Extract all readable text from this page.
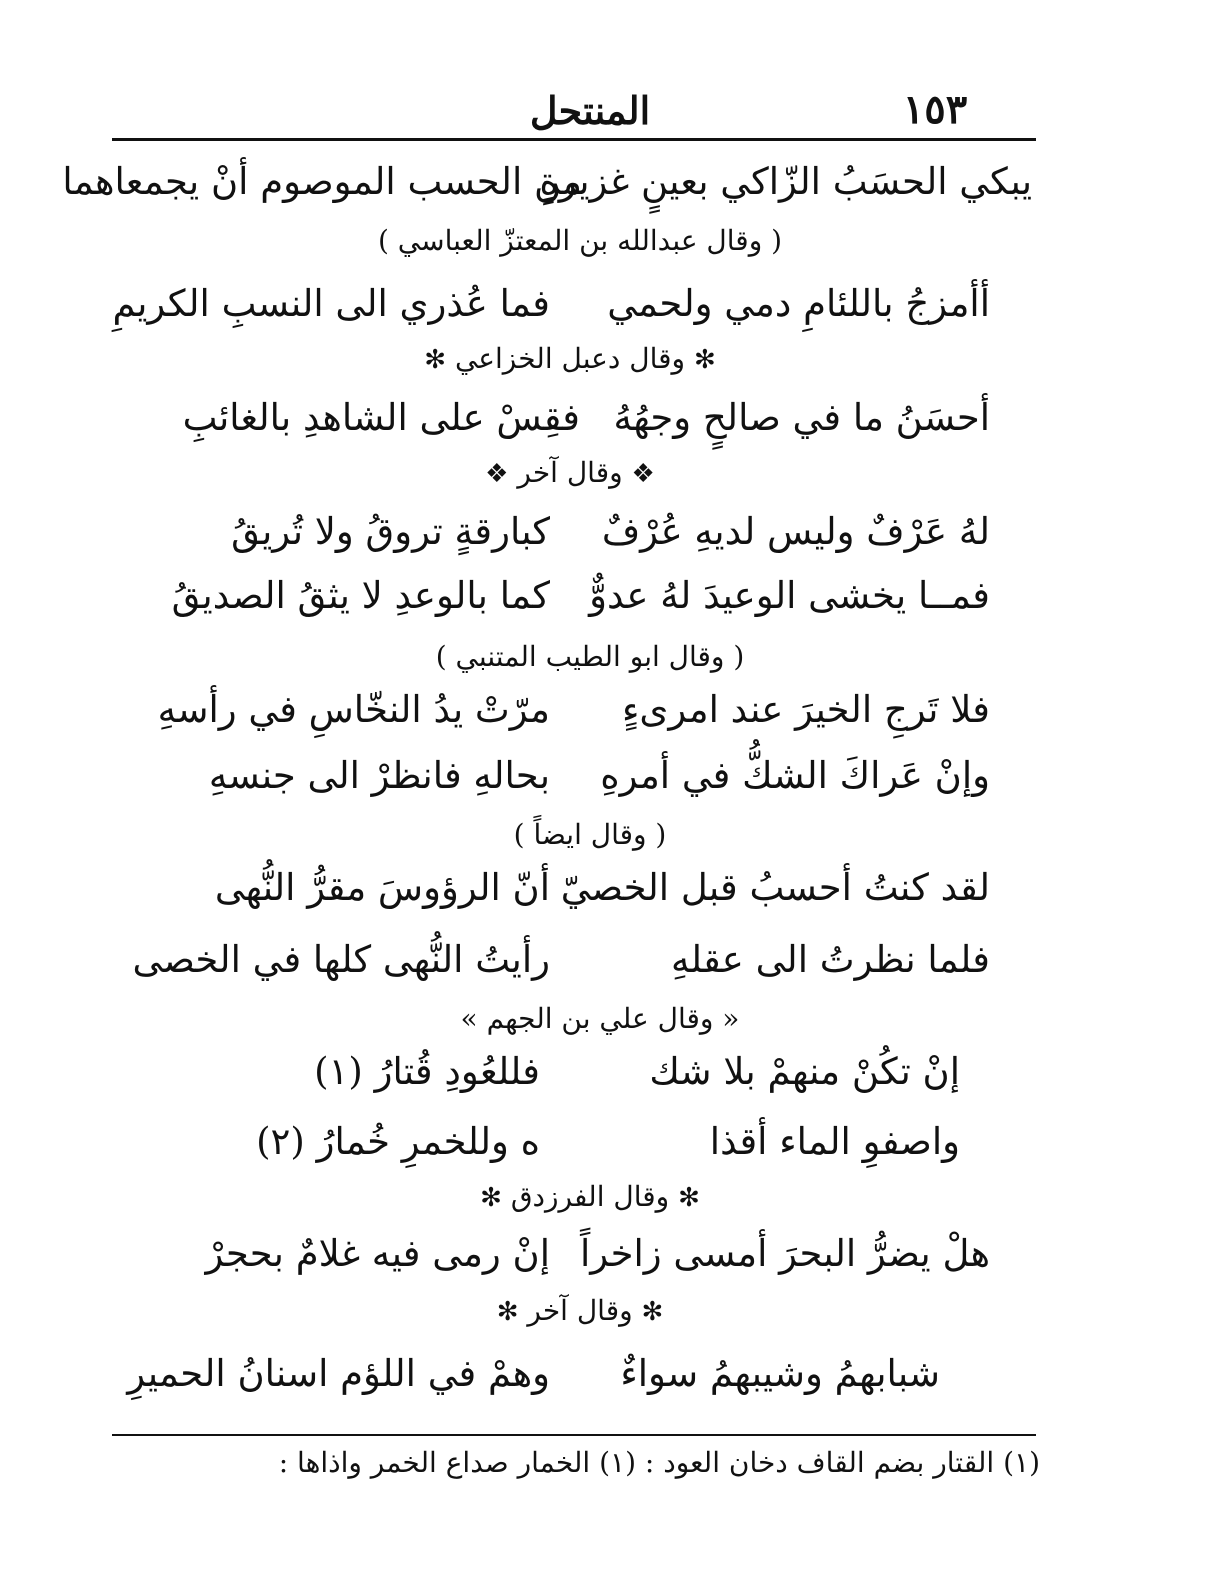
١٥٣
المنتحل
يبكي الحسَبُ الزّاكي بعينٍ غزيرةٍ
من الحسب الموصوم أنْ يجمعاهما
( وقال عبدالله بن المعتزّ العباسي )
أأمزجُ باللئامِ دمي ولحمي
فما عُذري الى النسبِ الكريمِ
✻ وقال دعبل الخزاعي ✻
أحسَنُ ما في صالحٍ وجهُهُ
فقِسْ على الشاهدِ بالغائبِ
❖ وقال آخر ❖
لهُ عَرْفٌ وليس لديهِ عُرْفٌ
كبارقةٍ تروقُ ولا تُريقُ
فمــا يخشى الوعيدَ لهُ عدوٌّ
كما بالوعدِ لا يثقُ الصديقُ
( وقال ابو الطيب المتنبي )
فلا تَرجِ الخيرَ عند امرىءٍ
مرّتْ يدُ النخّاسِ في رأسهِ
وإنْ عَراكَ الشكُّ في أمرهِ
بحالهِ فانظرْ الى جنسهِ
( وقال ايضاً )
لقد كنتُ أحسبُ قبل الخصيّ
أنّ الرؤوسَ مقرُّ النُّهى
فلما نظرتُ الى عقلهِ
رأيتُ النُّهى كلها في الخصى
« وقال علي بن الجهم »
إنْ تكُنْ منهمْ بلا شك
فللعُودِ قُتارُ (١)
واصفوِ الماء أقذا
ه وللخمرِ خُمارُ (٢)
✻ وقال الفرزدق ✻
هلْ يضرُّ البحرَ أمسى زاخراً
إنْ رمى فيه غلامٌ بحجرْ
✻ وقال آخر ✻
شبابهمُ وشيبهمُ سواءٌ
وهمْ في اللؤم اسنانُ الحميرِ
(١) القتار بضم القاف دخان العود : (١) الخمار صداع الخمر واذاها :
